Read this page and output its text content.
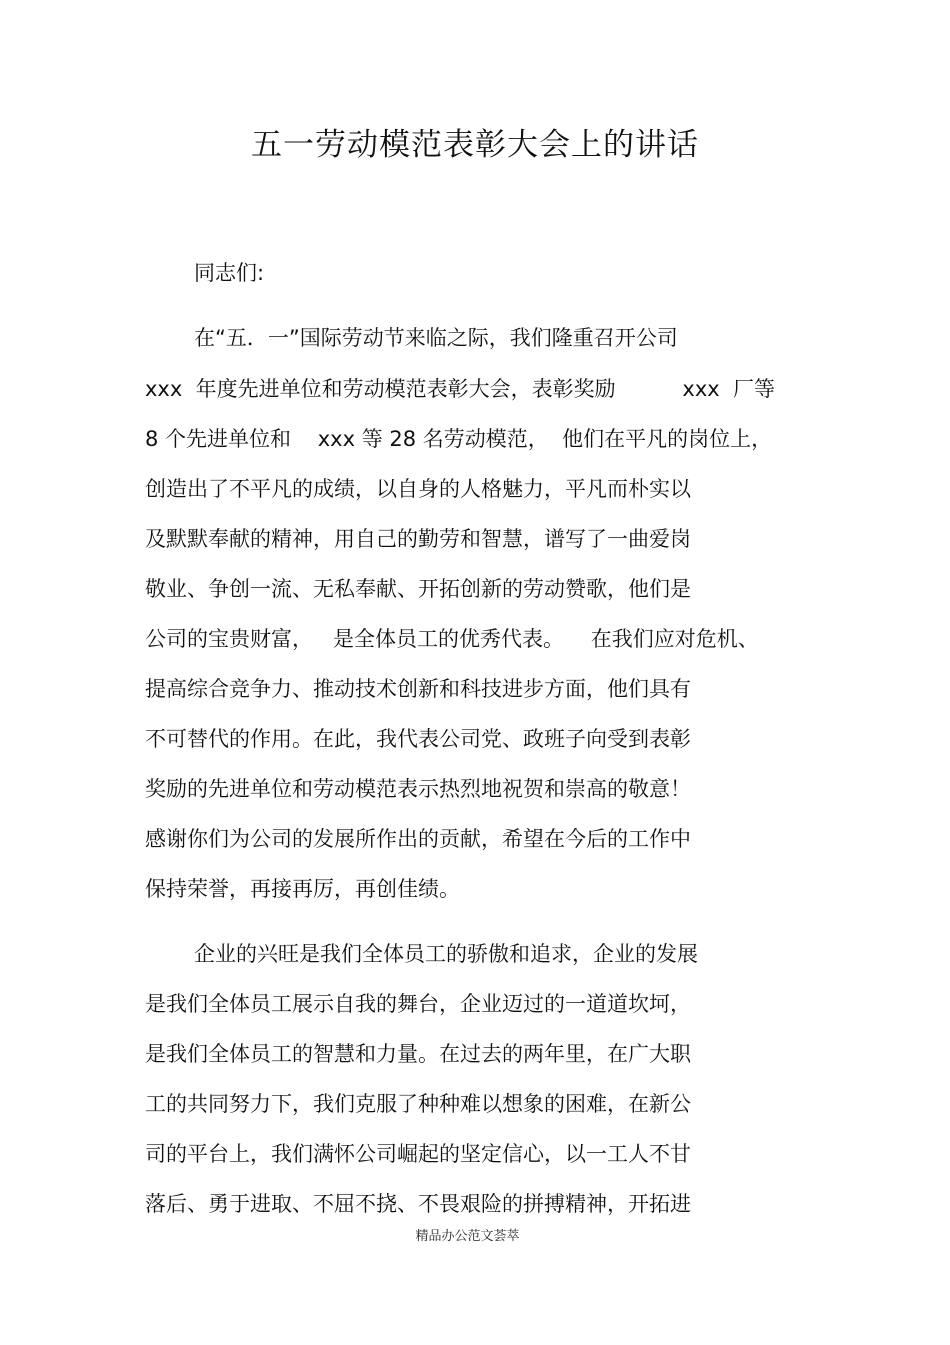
五一劳动模范表彰大会上的讲话

同志们:

在“五．一”国际劳动节来临之际，我们隆重召开公司

xxx  年度先进单位和劳动模范表彰大会，表彰奖励          xxx  厂等

8 个先进单位和    xxx 等 28 名劳动模范，  他们在平凡的岗位上，

创造出了不平凡的成绩，以自身的人格魅力，平凡而朴实以

及默默奉献的精神，用自己的勤劳和智慧，谱写了一曲爱岗

敬业、争创一流、无私奉献、开拓创新的劳动赞歌，他们是

公司的宝贵财富，   是全体员工的优秀代表。    在我们应对危机、

提高综合竞争力、推动技术创新和科技进步方面，他们具有

不可替代的作用。在此，我代表公司党、政班子向受到表彰

奖励的先进单位和劳动模范表示热烈地祝贺和崇高的敬意！

感谢你们为公司的发展所作出的贡献，希望在今后的工作中

保持荣誉，再接再厉，再创佳绩。

企业的兴旺是我们全体员工的骄傲和追求，企业的发展

是我们全体员工展示自我的舞台，企业迈过的一道道坎坷，

是我们全体员工的智慧和力量。在过去的两年里，在广大职

工的共同努力下，我们克服了种种难以想象的困难，在新公

司的平台上，我们满怀公司崛起的坚定信心，以一工人不甘

落后、勇于进取、不屈不挠、不畏艰险的拼搏精神，开拓进

精品办公范文荟萃
